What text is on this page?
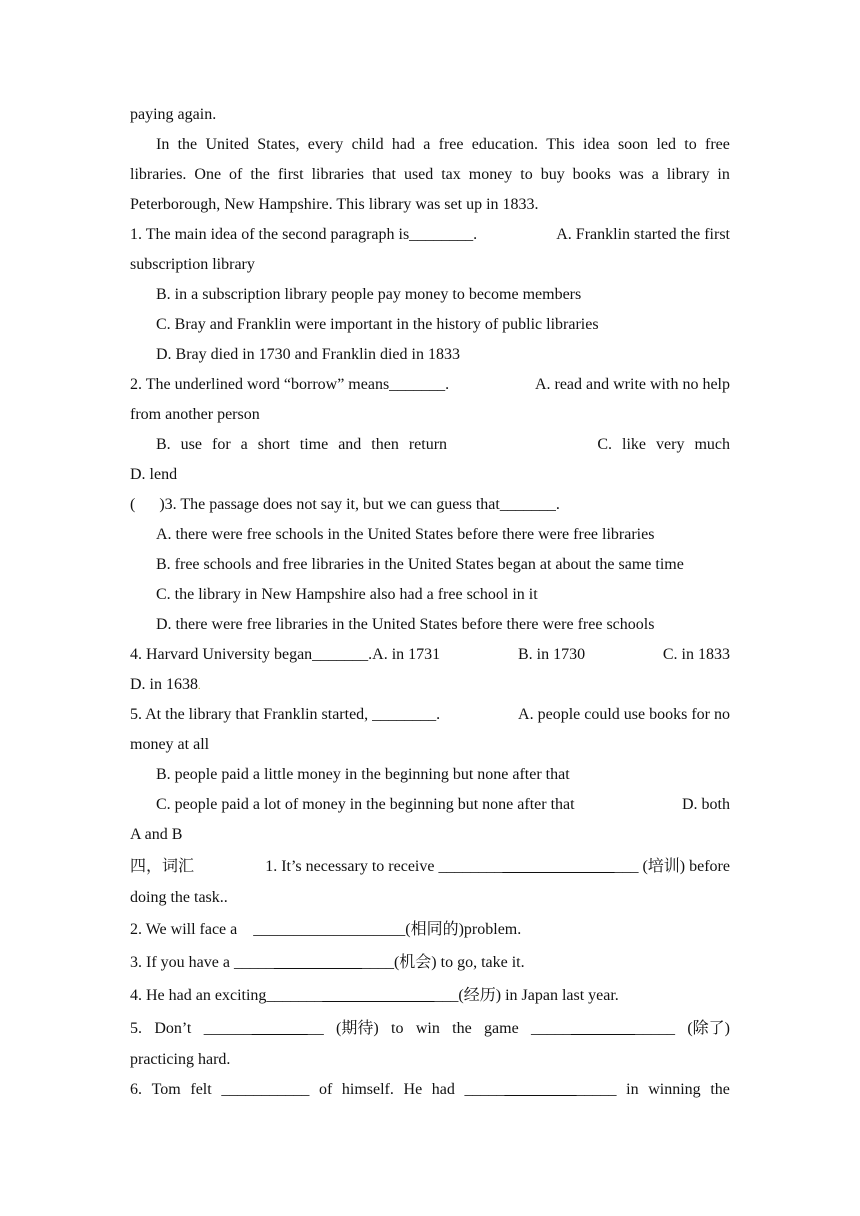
paying again.
In the United States, every child had a free education. This idea soon led to free
libraries. One of the first libraries that used tax money to buy books was a library in
Peterborough, New Hampshire. This library was set up in 1833.
1. The main idea of the second paragraph is________.	A. Franklin started the first
subscription library
B. in a subscription library people pay money to become members
C. Bray and Franklin were important in the history of public libraries
D. Bray died in 1730 and Franklin died in 1833
2. The underlined word “borrow” means_______.	A. read and write with no help
from another person
B. use for a short time and then return	C. like very much
D. lend
(      )3. The passage does not say it, but we can guess that_______.
A. there were free schools in the United States before there were free libraries
B. free schools and free libraries in the United States began at about the same time
C. the library in New Hampshire also had a free school in it
D. there were free libraries in the United States before there were free schools
4. Harvard University began_______.A. in 1731	B. in 1730	C. in 1833
D. in 1638.
5. At the library that Franklin started, ________.	A. people could use books for no
money at all
B. people paid a little money in the beginning but none after that
C. people paid a lot of money in the beginning but none after that	D. both
A and B
四，词汇	1. It’s necessary to receive _________________________ (培训) before
doing the task..
2. We will face a    ___________________(相同的)problem.
3. If you have a ____________________(机会) to go, take it.
4. He had an exciting________________________(经历) in Japan last year.
5. Don’t _______________ (期待) to win the game __________________ (除了)
practicing hard.
6. Tom felt ___________ of himself. He had ___________________ in winning the
